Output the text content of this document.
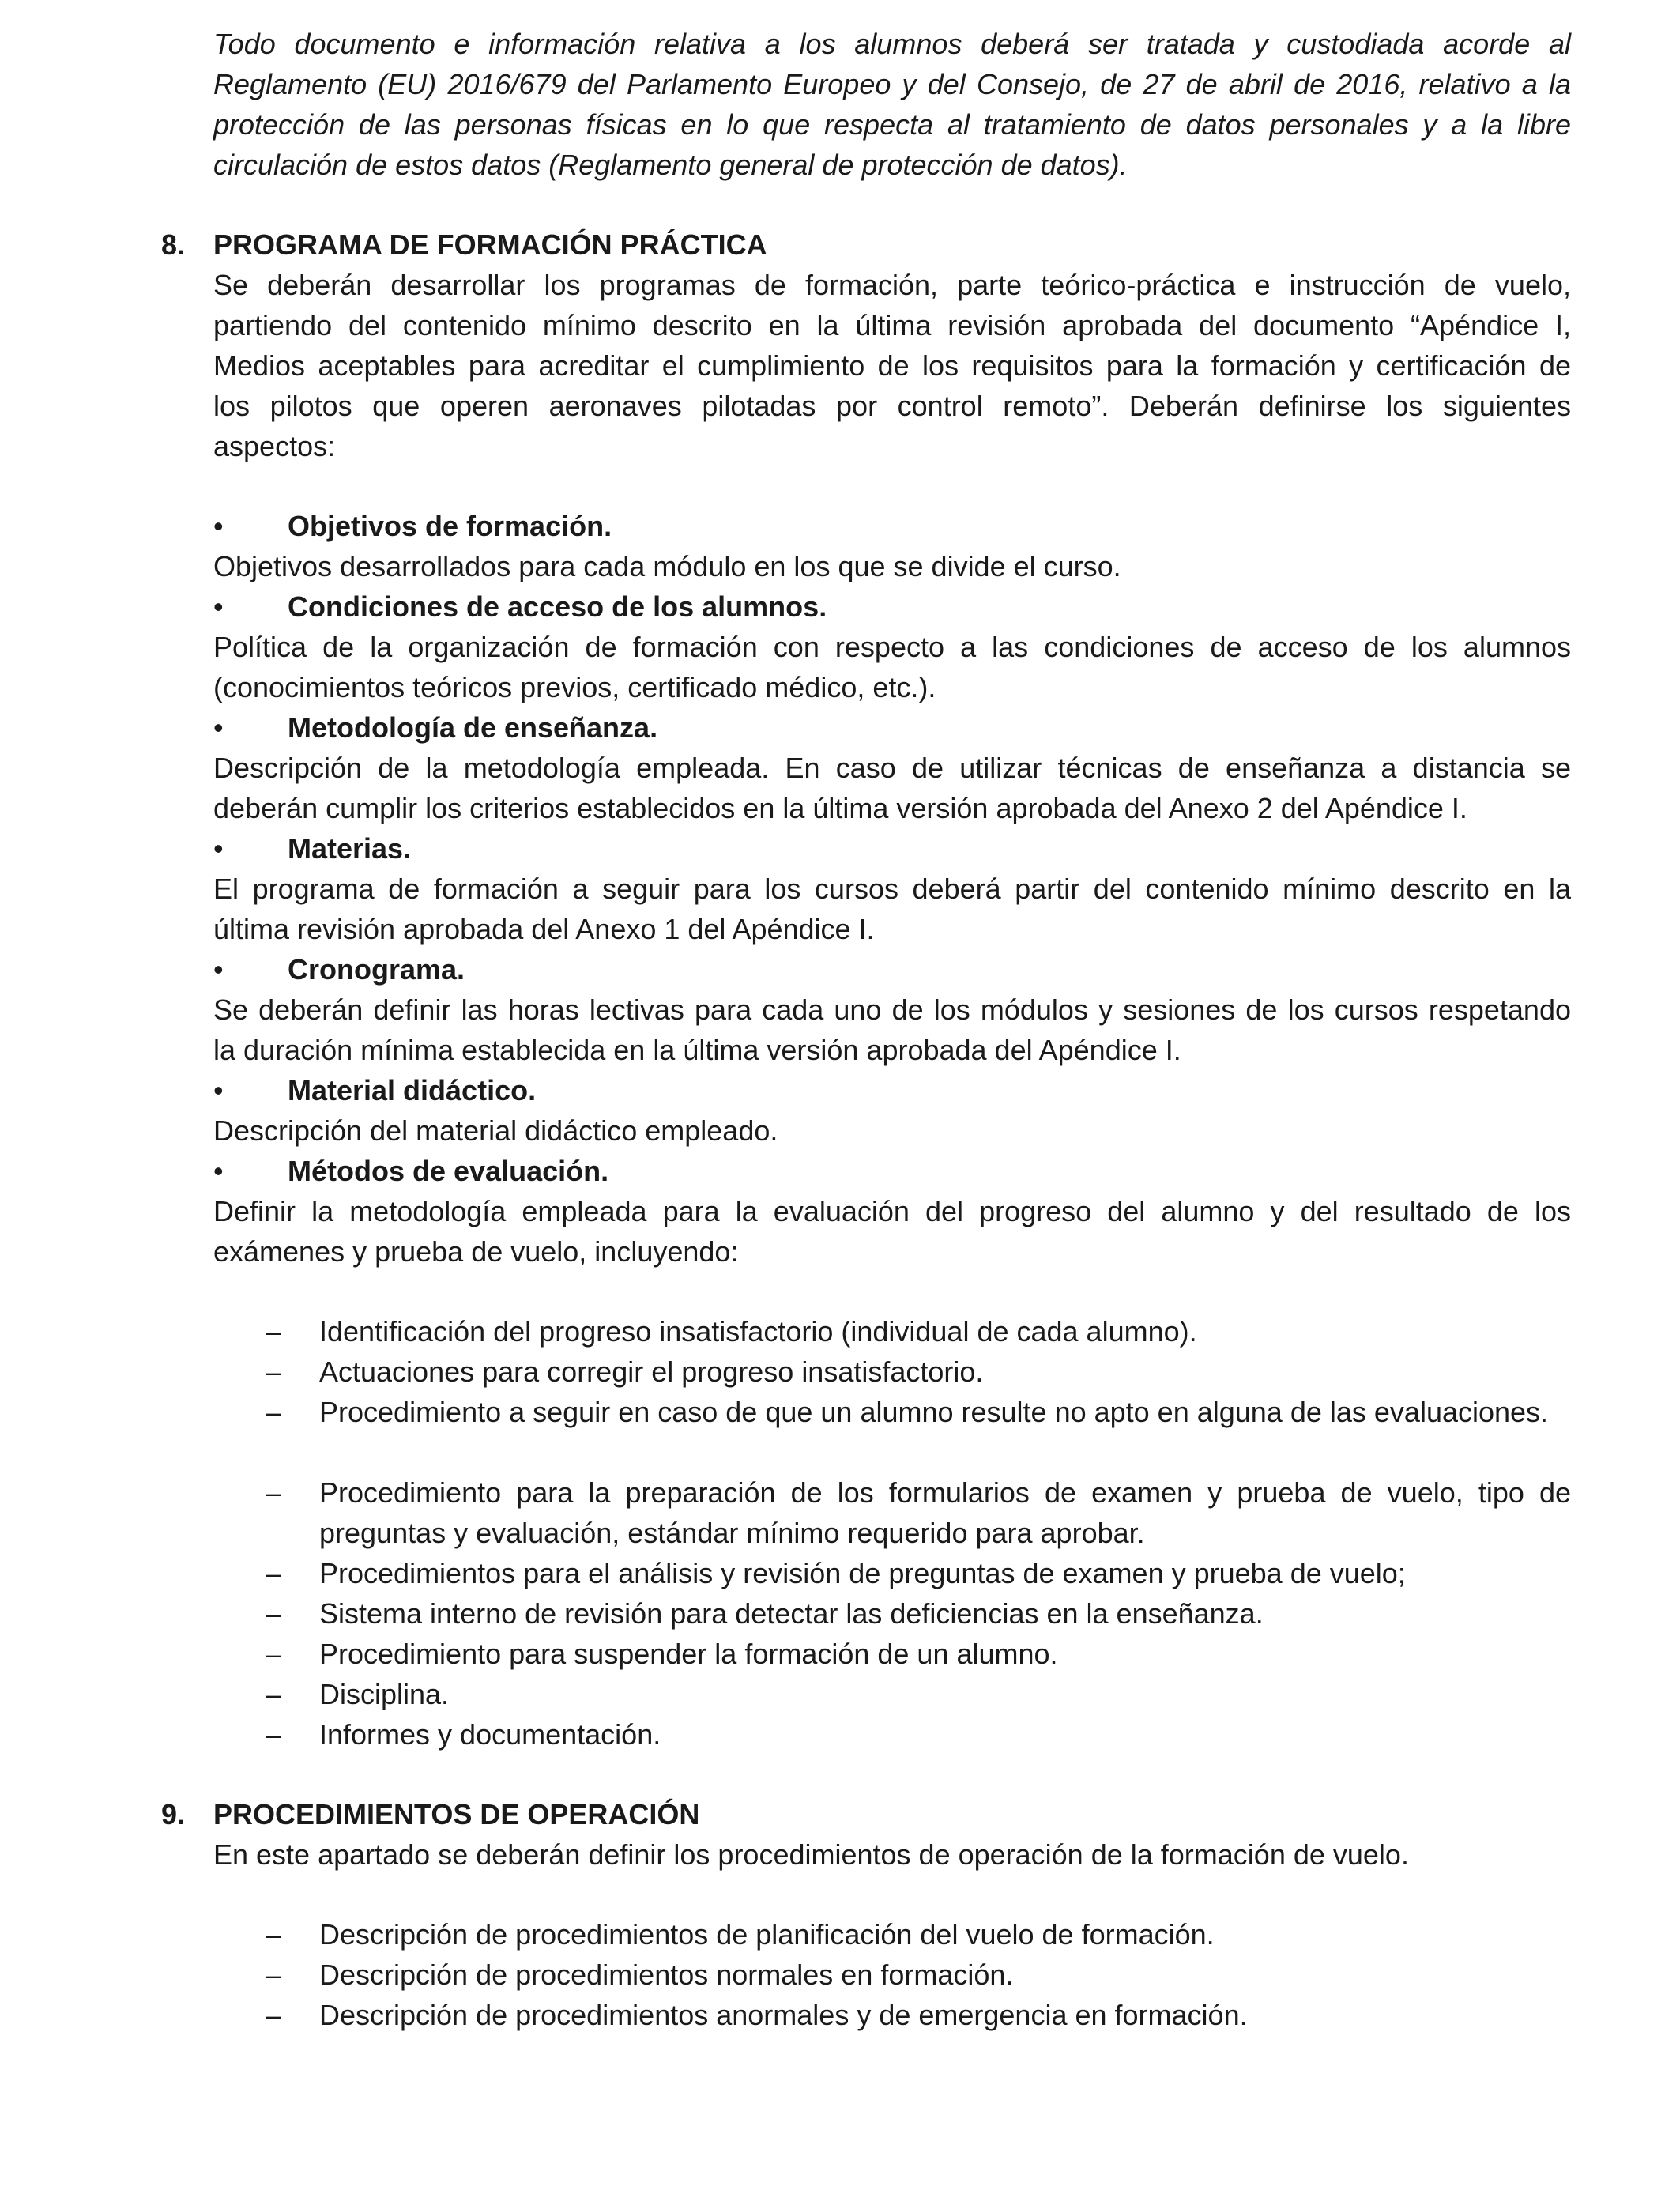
Todo documento e información relativa a los alumnos deberá ser tratada y custodiada acorde al
Reglamento (EU) 2016/679 del Parlamento Europeo y del Consejo, de 27 de abril de 2016, relativo a la
protección de las personas físicas en lo que respecta al tratamiento de datos personales y a la libre
circulación de estos datos (Reglamento general de protección de datos).
8. PROGRAMA DE FORMACIÓN PRÁCTICA
Se deberán desarrollar los programas de formación, parte teórico-práctica e instrucción de vuelo,
partiendo del contenido mínimo descrito en la última revisión aprobada del documento “Apéndice I,
Medios aceptables para acreditar el cumplimiento de los requisitos para la formación y certificación de
los pilotos que operen aeronaves pilotadas por control remoto”. Deberán definirse los siguientes
aspectos:
• Objetivos de formación.
Objetivos desarrollados para cada módulo en los que se divide el curso.
• Condiciones de acceso de los alumnos.
Política de la organización de formación con respecto a las condiciones de acceso de los alumnos
(conocimientos teóricos previos, certificado médico, etc.).
• Metodología de enseñanza.
Descripción de la metodología empleada. En caso de utilizar técnicas de enseñanza a distancia se
deberán cumplir los criterios establecidos en la última versión aprobada del Anexo 2 del Apéndice I.
• Materias.
El programa de formación a seguir para los cursos deberá partir del contenido mínimo descrito en la
última revisión aprobada del Anexo 1 del Apéndice I.
• Cronograma.
Se deberán definir las horas lectivas para cada uno de los módulos y sesiones de los cursos respetando
la duración mínima establecida en la última versión aprobada del Apéndice I.
• Material didáctico.
Descripción del material didáctico empleado.
• Métodos de evaluación.
Definir la metodología empleada para la evaluación del progreso del alumno y del resultado de los
exámenes y prueba de vuelo, incluyendo:
–	Identificación del progreso insatisfactorio (individual de cada alumno).
–	Actuaciones para corregir el progreso insatisfactorio.
–	Procedimiento a seguir en caso de que un alumno resulte no apto en alguna de las evaluaciones.
–	Procedimiento para la preparación de los formularios de examen y prueba de vuelo, tipo de preguntas y evaluación, estándar mínimo requerido para aprobar.
–	Procedimientos para el análisis y revisión de preguntas de examen y prueba de vuelo;
–	Sistema interno de revisión para detectar las deficiencias en la enseñanza.
–	Procedimiento para suspender la formación de un alumno.
–	Disciplina.
–	Informes y documentación.
9. PROCEDIMIENTOS DE OPERACIÓN
En este apartado se deberán definir los procedimientos de operación de la formación de vuelo.
–	Descripción de procedimientos de planificación del vuelo de formación.
–	Descripción de procedimientos normales en formación.
–	Descripción de procedimientos anormales y de emergencia en formación.
